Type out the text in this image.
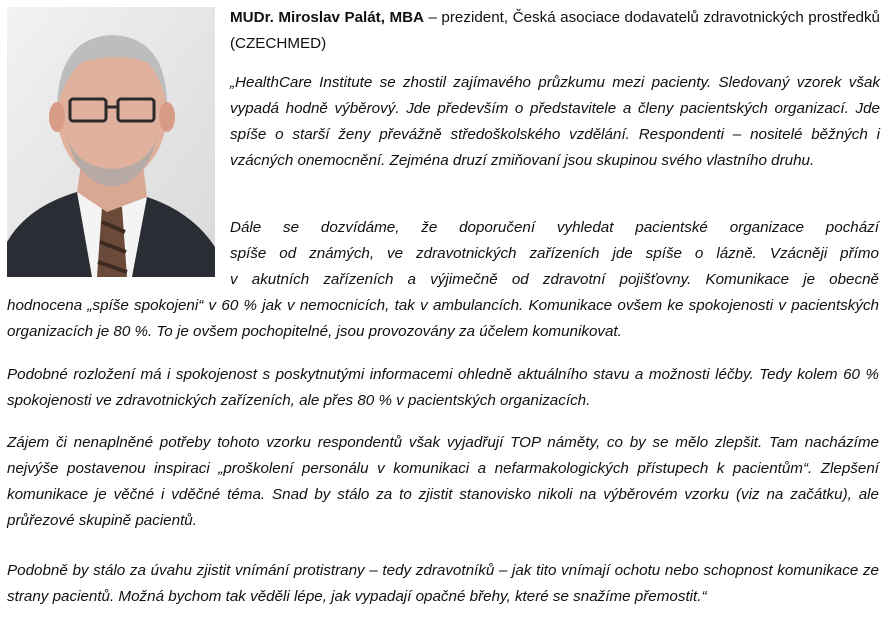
MUDr. Miroslav Palát, MBA – prezident, Česká asociace dodavatelů zdravotnických prostředků (CZECHMED)

„HealthCare Institute se zhostil zajímavého průzkumu mezi pacienty. Sledovaný vzorek však vypadá hodně výběrový. Jde především o představitele a členy pacientských organizací. Jde spíše o starší ženy převážně středoškolského vzdělání. Respondenti – nositelé běžných i vzácných onemocnění. Zejména druzí zmiňovaní jsou skupinou svého vlastního druhu.

Dále se dozvídáme, že doporučení vyhledat pacientské organizace pochází
spíše od známých, ve zdravotnických zařízeních jde spíše o lázně. Vzácněji přímo
v akutních zařízeních a výjimečně od zdravotní pojišťovny. Komunikace je obecně
hodnocena „spíše spokojeni“ v 60 % jak v nemocnicích, tak v ambulancích. Komunikace ovšem ke spokojenosti v pacientských organizacích je 80 %. To je ovšem pochopitelné, jsou provozovány za účelem komunikovat.

Podobné rozložení má i spokojenost s poskytnutými informacemi ohledně aktuálního stavu a možnosti léčby. Tedy kolem 60 % spokojenosti ve zdravotnických zařízeních, ale přes 80 % v pacientských organizacích.

Zájem či nenaplněné potřeby tohoto vzorku respondentů však vyjadřují TOP náměty, co by se mělo zlepšit. Tam nacházíme nejvýše postavenou inspiraci „proškolení personálu v komunikaci a nefarmakologických přístupech k pacientům“. Zlepšení komunikace je věčné i vděčné téma. Snad by stálo za to zjistit stanovisko nikoli na výběrovém vzorku (viz na začátku), ale průřezové skupině pacientů.

Podobně by stálo za úvahu zjistit vnímání protistrany – tedy zdravotníků – jak tito vnímají ochotu nebo schopnost komunikace ze strany pacientů. Možná bychom tak věděli lépe, jak vypadají opačné břehy, které se snažíme přemostit.“
